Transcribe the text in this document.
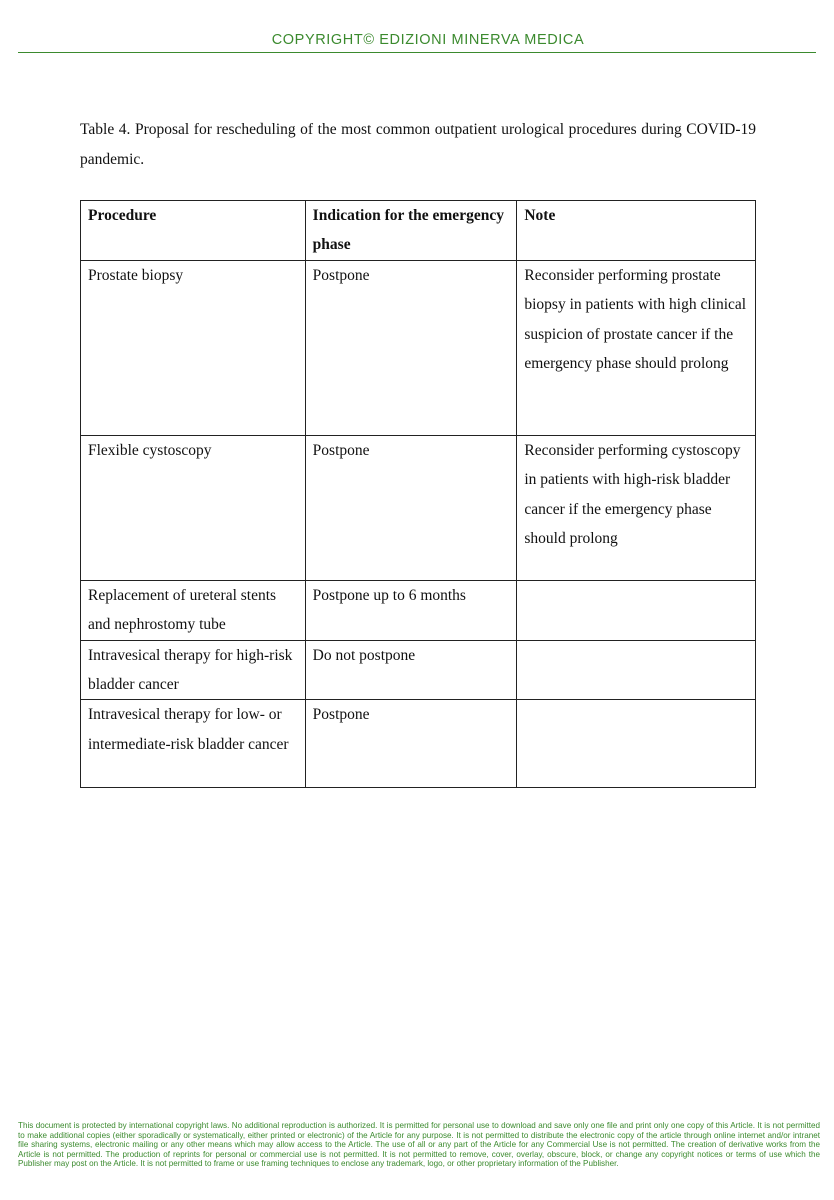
COPYRIGHT© EDIZIONI MINERVA MEDICA
Table 4. Proposal for rescheduling of the most common outpatient urological procedures during COVID-19 pandemic.
Procedure	Indication for the emergency phase	Note
Prostate biopsy	Postpone	Reconsider performing prostate biopsy in patients with high clinical suspicion of prostate cancer if the emergency phase should prolong
Flexible cystoscopy	Postpone	Reconsider performing cystoscopy in patients with high-risk bladder cancer if the emergency phase should prolong
Replacement of ureteral stents and nephrostomy tube	Postpone up to 6 months	
Intravesical therapy for high-risk bladder cancer	Do not postpone	
Intravesical therapy for low- or intermediate-risk bladder cancer	Postpone	
This document is protected by international copyright laws. No additional reproduction is authorized. It is permitted for personal use to download and save only one file and print only one copy of this Article. It is not permitted to make additional copies (either sporadically or systematically, either printed or electronic) of the Article for any purpose. It is not permitted to distribute the electronic copy of the article through online internet and/or intranet file sharing systems, electronic mailing or any other means which may allow access to the Article. The use of all or any part of the Article for any Commercial Use is not permitted. The creation of derivative works from the Article is not permitted. The production of reprints for personal or commercial use is not permitted. It is not permitted to remove, cover, overlay, obscure, block, or change any copyright notices or terms of use which the Publisher may post on the Article. It is not permitted to frame or use framing techniques to enclose any trademark, logo, or other proprietary information of the Publisher.
